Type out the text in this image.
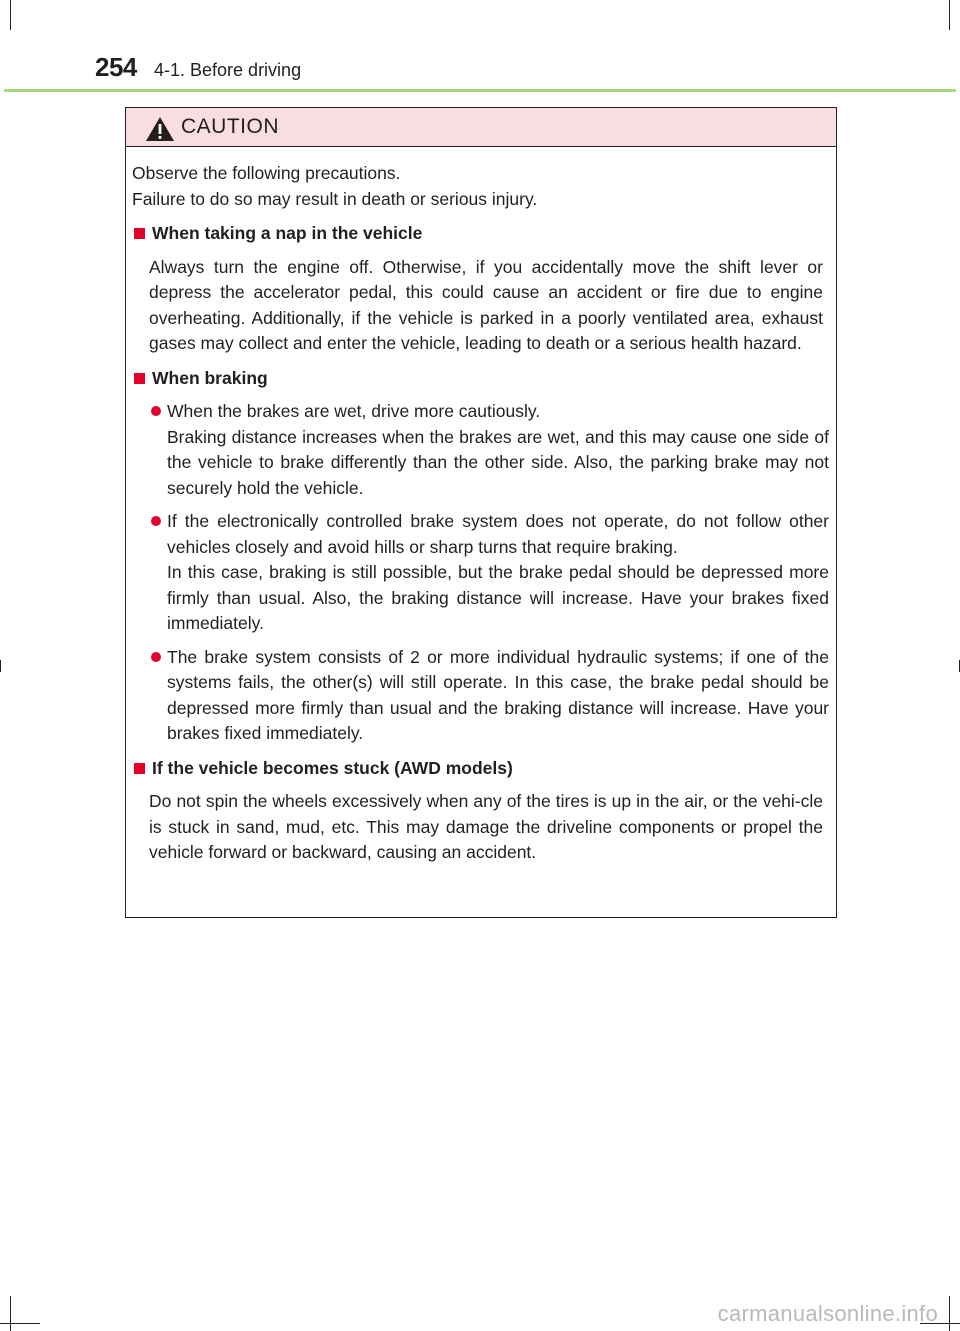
254 4-1. Before driving
CAUTION

Observe the following precautions.

Failure to do so may result in death or serious injury.

When taking a nap in the vehicle

Always turn the engine off. Otherwise, if you accidentally move the shift lever or depress the accelerator pedal, this could cause an accident or fire due to engine overheating. Additionally, if the vehicle is parked in a poorly ventilated area, exhaust gases may collect and enter the vehicle, leading to death or a serious health hazard.

When braking

When the brakes are wet, drive more cautiously.

Braking distance increases when the brakes are wet, and this may cause one side of the vehicle to brake differently than the other side. Also, the parking brake may not securely hold the vehicle.

If the electronically controlled brake system does not operate, do not follow other vehicles closely and avoid hills or sharp turns that require braking.

In this case, braking is still possible, but the brake pedal should be depressed more firmly than usual. Also, the braking distance will increase. Have your brakes fixed immediately.

The brake system consists of 2 or more individual hydraulic systems; if one of the systems fails, the other(s) will still operate. In this case, the brake pedal should be depressed more firmly than usual and the braking distance will increase. Have your brakes fixed immediately.

If the vehicle becomes stuck (AWD models)

Do not spin the wheels excessively when any of the tires is up in the air, or the vehi-cle is stuck in sand, mud, etc. This may damage the driveline components or propel the vehicle forward or backward, causing an accident.

carmanualsonline.info
